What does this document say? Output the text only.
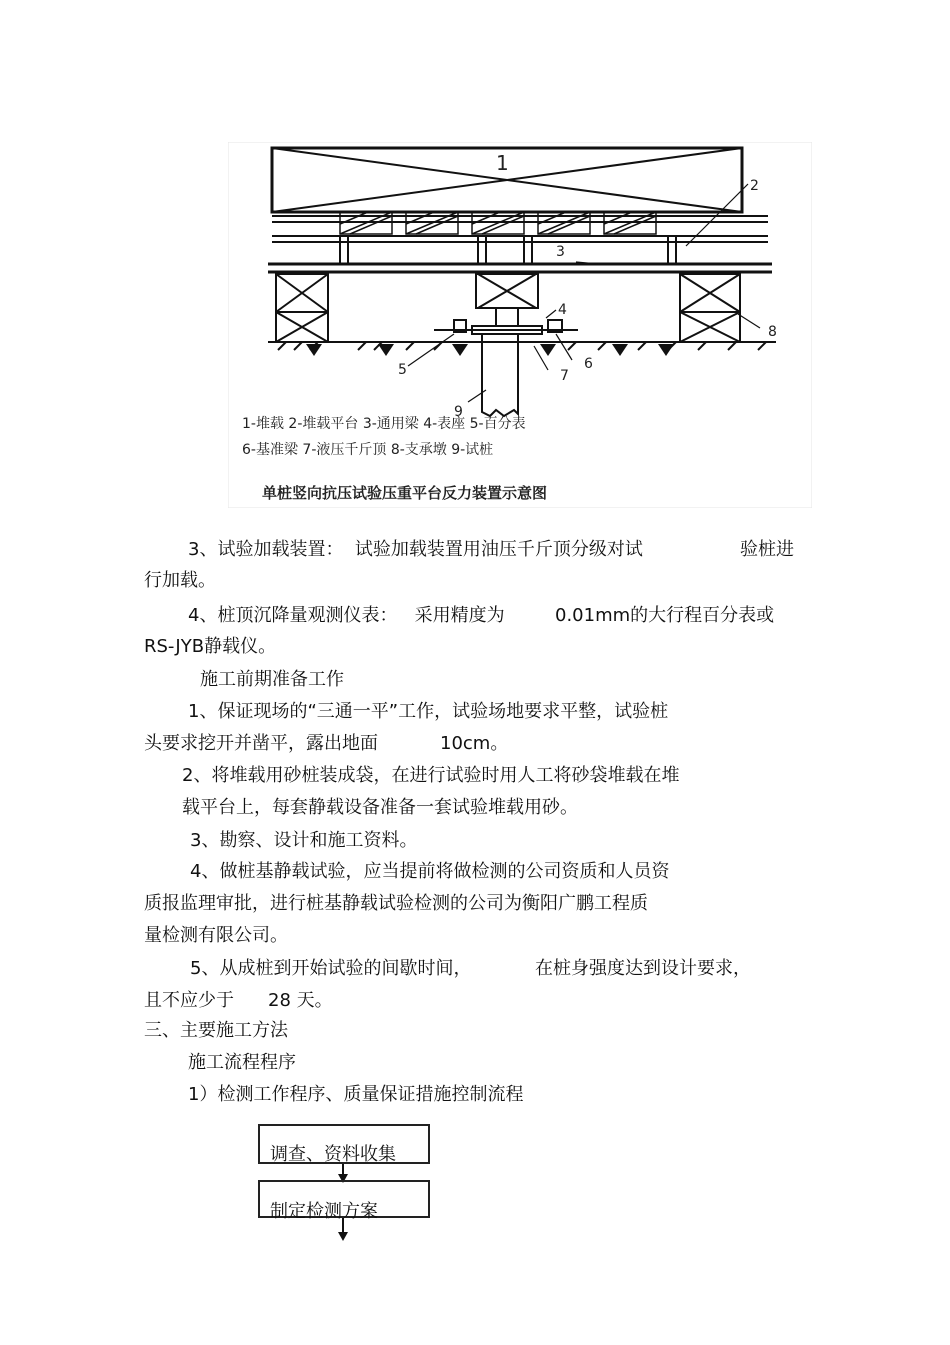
1
2
3
4
5	6
7
8
9
1-堆载 2-堆载平台 3-通用梁 4-表座 5-百分表
6-基准梁 7-液压千斤顶 8-支承墩 9-试桩
单桩竖向抗压试验压重平台反力装置示意图
3、试验加载装置：  试验加载装置用油压千斤顶分级对试	验桩进
行加载。
4、桩顶沉降量观测仪表：   采用精度为	0.01mm的大行程百分表或
RS-JYB静载仪。
施工前期准备工作
1、保证现场的“三通一平”工作，试验场地要求平整，试验桩
头要求挖开并凿平，露出地面	10cm。
2、将堆载用砂桩装成袋，在进行试验时用人工将砂袋堆载在堆
载平台上，每套静载设备准备一套试验堆载用砂。
3、勘察、设计和施工资料。
4、做桩基静载试验，应当提前将做检测的公司资质和人员资
质报监理审批，进行桩基静载试验检测的公司为衡阳广鹏工程质
量检测有限公司。
5、从成桩到开始试验的间歇时间，	在桩身强度达到设计要求，
且不应少于 28 天。
三、主要施工方法
施工流程程序
1）检测工作程序、质量保证措施控制流程
调查、资料收集
制定检测方案
